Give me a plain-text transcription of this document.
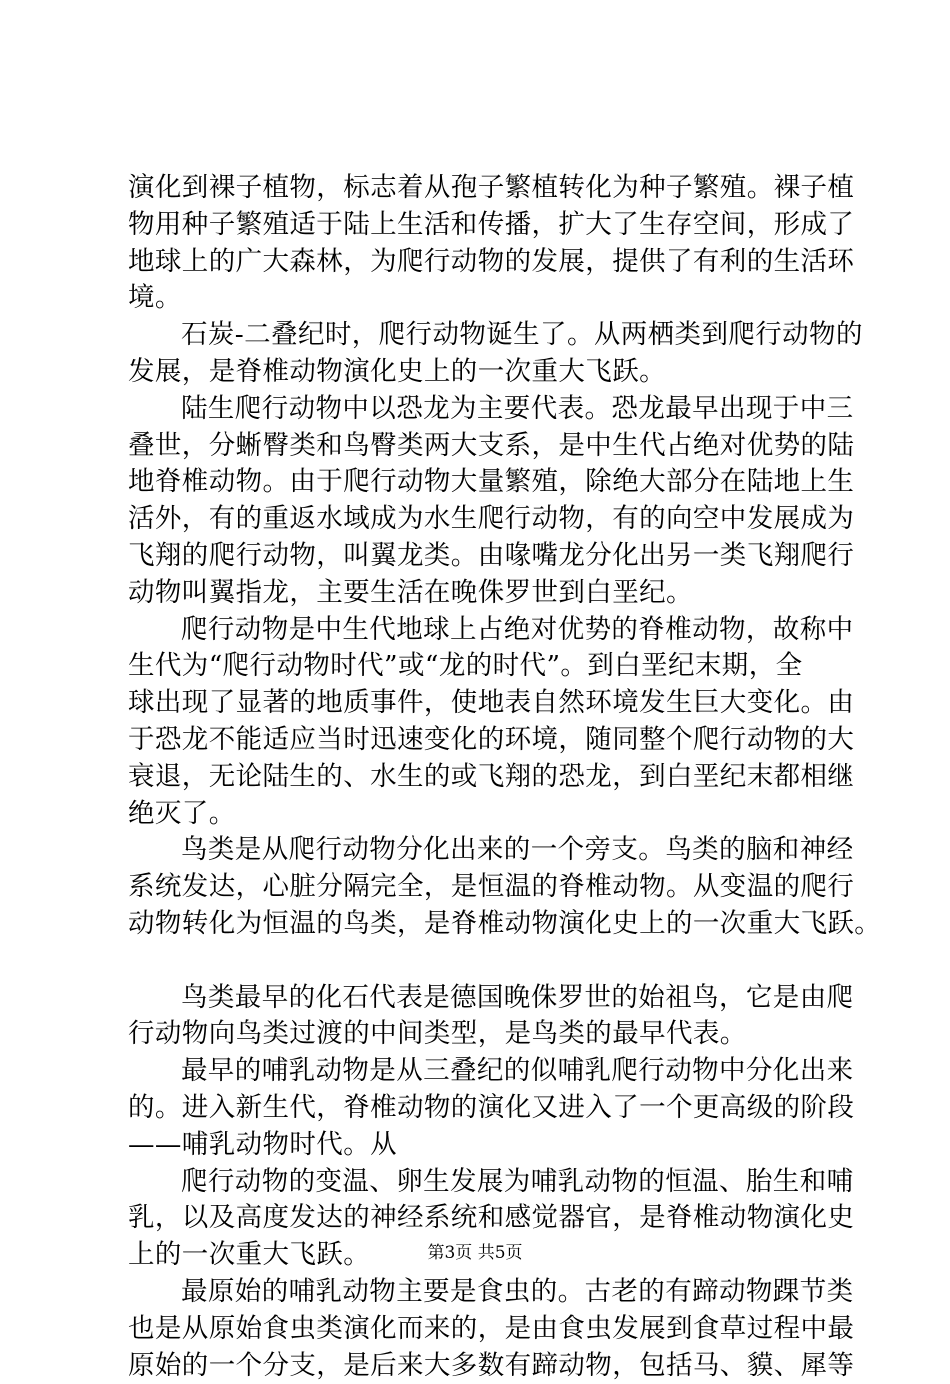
演化到裸子植物，标志着从孢子繁植转化为种子繁殖。裸子植
物用种子繁殖适于陆上生活和传播，扩大了生存空间，形成了
地球上的广大森林，为爬行动物的发展，提供了有利的生活环
境。
石炭-二叠纪时，爬行动物诞生了。从两栖类到爬行动物的
发展，是脊椎动物演化史上的一次重大飞跃。
陆生爬行动物中以恐龙为主要代表。恐龙最早出现于中三
叠世，分蜥臀类和鸟臀类两大支系，是中生代占绝对优势的陆
地脊椎动物。由于爬行动物大量繁殖，除绝大部分在陆地上生
活外，有的重返水域成为水生爬行动物，有的向空中发展成为
飞翔的爬行动物，叫翼龙类。由喙嘴龙分化出另一类飞翔爬行
动物叫翼指龙，主要生活在晚侏罗世到白垩纪。
爬行动物是中生代地球上占绝对优势的脊椎动物，故称中
生代为“爬行动物时代”或“龙的时代”。到白垩纪末期，全
球出现了显著的地质事件，使地表自然环境发生巨大变化。由
于恐龙不能适应当时迅速变化的环境，随同整个爬行动物的大
衰退，无论陆生的、水生的或飞翔的恐龙，到白垩纪末都相继
绝灭了。
鸟类是从爬行动物分化出来的一个旁支。鸟类的脑和神经
系统发达，心脏分隔完全，是恒温的脊椎动物。从变温的爬行
动物转化为恒温的鸟类，是脊椎动物演化史上的一次重大飞跃。
鸟类最早的化石代表是德国晚侏罗世的始祖鸟，它是由爬
行动物向鸟类过渡的中间类型，是鸟类的最早代表。
最早的哺乳动物是从三叠纪的似哺乳爬行动物中分化出来
的。进入新生代，脊椎动物的演化又进入了一个更高级的阶段
——哺乳动物时代。从
爬行动物的变温、卵生发展为哺乳动物的恒温、胎生和哺
乳，以及高度发达的神经系统和感觉器官，是脊椎动物演化史
上的一次重大飞跃。
最原始的哺乳动物主要是食虫的。古老的有蹄动物踝节类
也是从原始食虫类演化而来的，是由食虫发展到食草过程中最
原始的一个分支，是后来大多数有蹄动物，包括马、貘、犀等
第3页 共5页
